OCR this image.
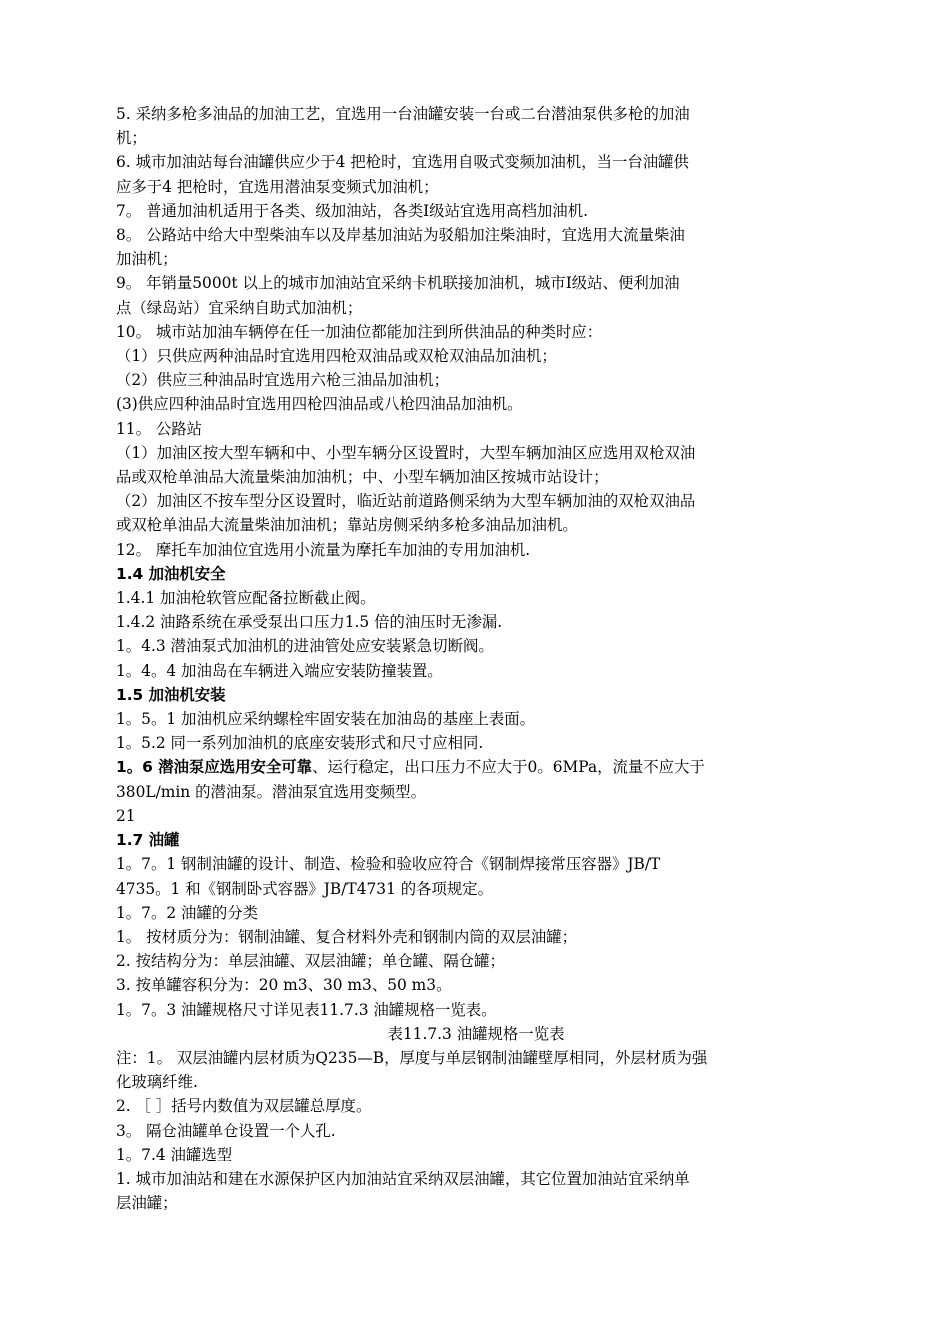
5. 采纳多枪多油品的加油工艺，宜选用一台油罐安装一台或二台潜油泵供多枪的加油
机；
6. 城市加油站每台油罐供应少于4 把枪时，宜选用自吸式变频加油机，当一台油罐供
应多于4 把枪时，宜选用潜油泵变频式加油机；
7。 普通加油机适用于各类、级加油站，各类Ⅰ级站宜选用高档加油机.
8。 公路站中给大中型柴油车以及岸基加油站为驳船加注柴油时，宜选用大流量柴油
加油机；
9。 年销量5000t 以上的城市加油站宜采纳卡机联接加油机，城市Ⅰ级站、便利加油
点（绿岛站）宜采纳自助式加油机；
10。 城市站加油车辆停在任一加油位都能加注到所供油品的种类时应：
（1）只供应两种油品时宜选用四枪双油品或双枪双油品加油机；
（2）供应三种油品时宜选用六枪三油品加油机；
(3)供应四种油品时宜选用四枪四油品或八枪四油品加油机。
11。 公路站
（1）加油区按大型车辆和中、小型车辆分区设置时，大型车辆加油区应选用双枪双油
品或双枪单油品大流量柴油加油机；中、小型车辆加油区按城市站设计；
（2）加油区不按车型分区设置时，临近站前道路侧采纳为大型车辆加油的双枪双油品
或双枪单油品大流量柴油加油机；靠站房侧采纳多枪多油品加油机。
12。 摩托车加油位宜选用小流量为摩托车加油的专用加油机.
1.4 加油机安全
1.4.1 加油枪软管应配备拉断截止阀。
1.4.2 油路系统在承受泵出口压力1.5 倍的油压时无渗漏.
1。4.3 潜油泵式加油机的进油管处应安装紧急切断阀。
1。4。4 加油岛在车辆进入端应安装防撞装置。
1.5 加油机安装
1。5。1 加油机应采纳螺栓牢固安装在加油岛的基座上表面。
1。5.2 同一系列加油机的底座安装形式和尺寸应相同.
1。6 潜油泵应选用安全可靠、运行稳定，出口压力不应大于0。6MPa，流量不应大于
380L/min 的潜油泵。潜油泵宜选用变频型。
21
1.7 油罐
1。7。1 钢制油罐的设计、制造、检验和验收应符合《钢制焊接常压容器》JB/T
4735。1 和《钢制卧式容器》JB/T4731 的各项规定。
1。7。2 油罐的分类
1。 按材质分为：钢制油罐、复合材料外壳和钢制内筒的双层油罐；
2. 按结构分为：单层油罐、双层油罐；单仓罐、隔仓罐；
3. 按单罐容积分为：20 m3、30 m3、50 m3。
1。7。3 油罐规格尺寸详见表11.7.3 油罐规格一览表。
表11.7.3 油罐规格一览表
注：1。 双层油罐内层材质为Q235—B，厚度与单层钢制油罐壁厚相同，外层材质为强
化玻璃纤维.
2. ［ ］括号内数值为双层罐总厚度。
3。 隔仓油罐单仓设置一个人孔.
1。7.4 油罐选型
1. 城市加油站和建在水源保护区内加油站宜采纳双层油罐，其它位置加油站宜采纳单
层油罐；
